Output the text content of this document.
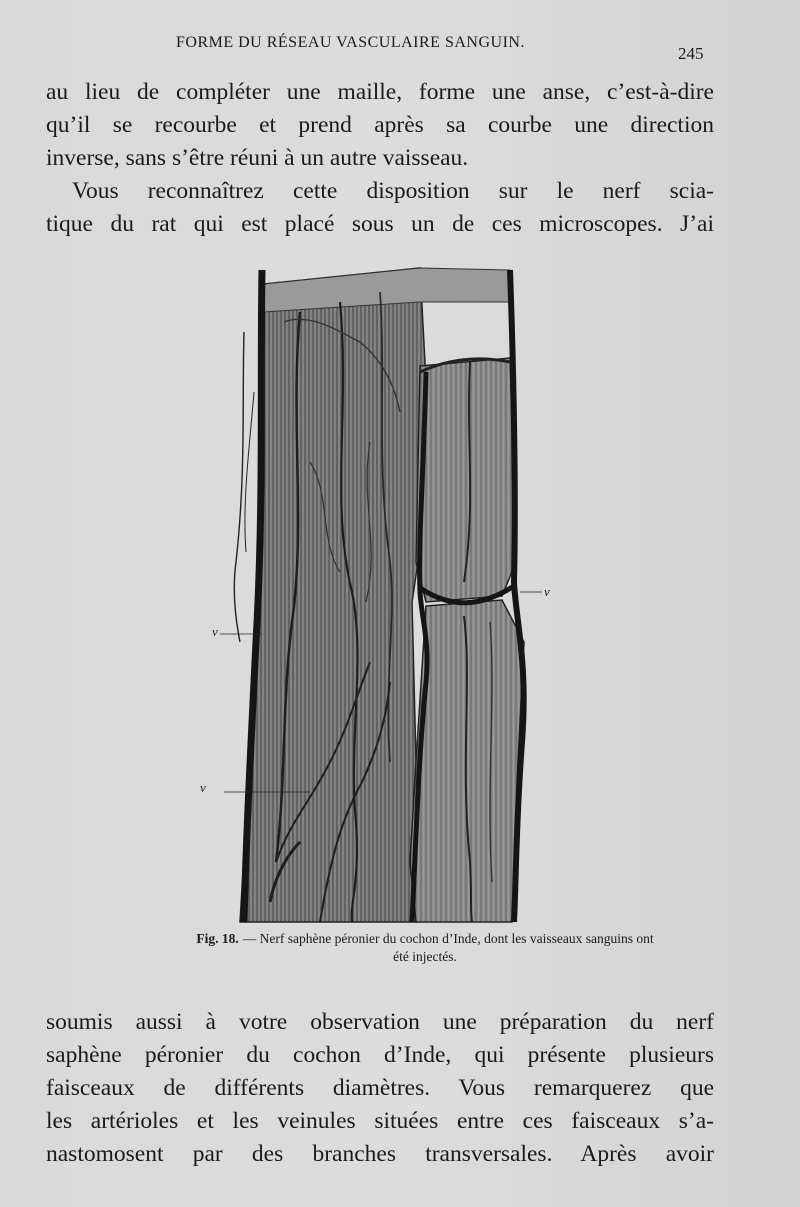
FORME DU RÉSEAU VASCULAIRE SANGUIN.
245
au lieu de compléter une maille, forme une anse, c’est-à-dire
qu’il se recourbe et prend après sa courbe une direction
inverse, sans s’être réuni à un autre vaisseau.
Vous reconnaîtrez cette disposition sur le nerf scia-
tique du rat qui est placé sous un de ces microscopes. J’ai
v
v
v
Fig. 18. — Nerf saphène péronier du cochon d’Inde, dont les vaisseaux sanguins ont été injectés.
soumis aussi à votre observation une préparation du nerf
saphène péronier du cochon d’Inde, qui présente plusieurs
faisceaux de différents diamètres. Vous remarquerez que
les artérioles et les veinules situées entre ces faisceaux s’a-
nastomosent par des branches transversales. Après avoir
